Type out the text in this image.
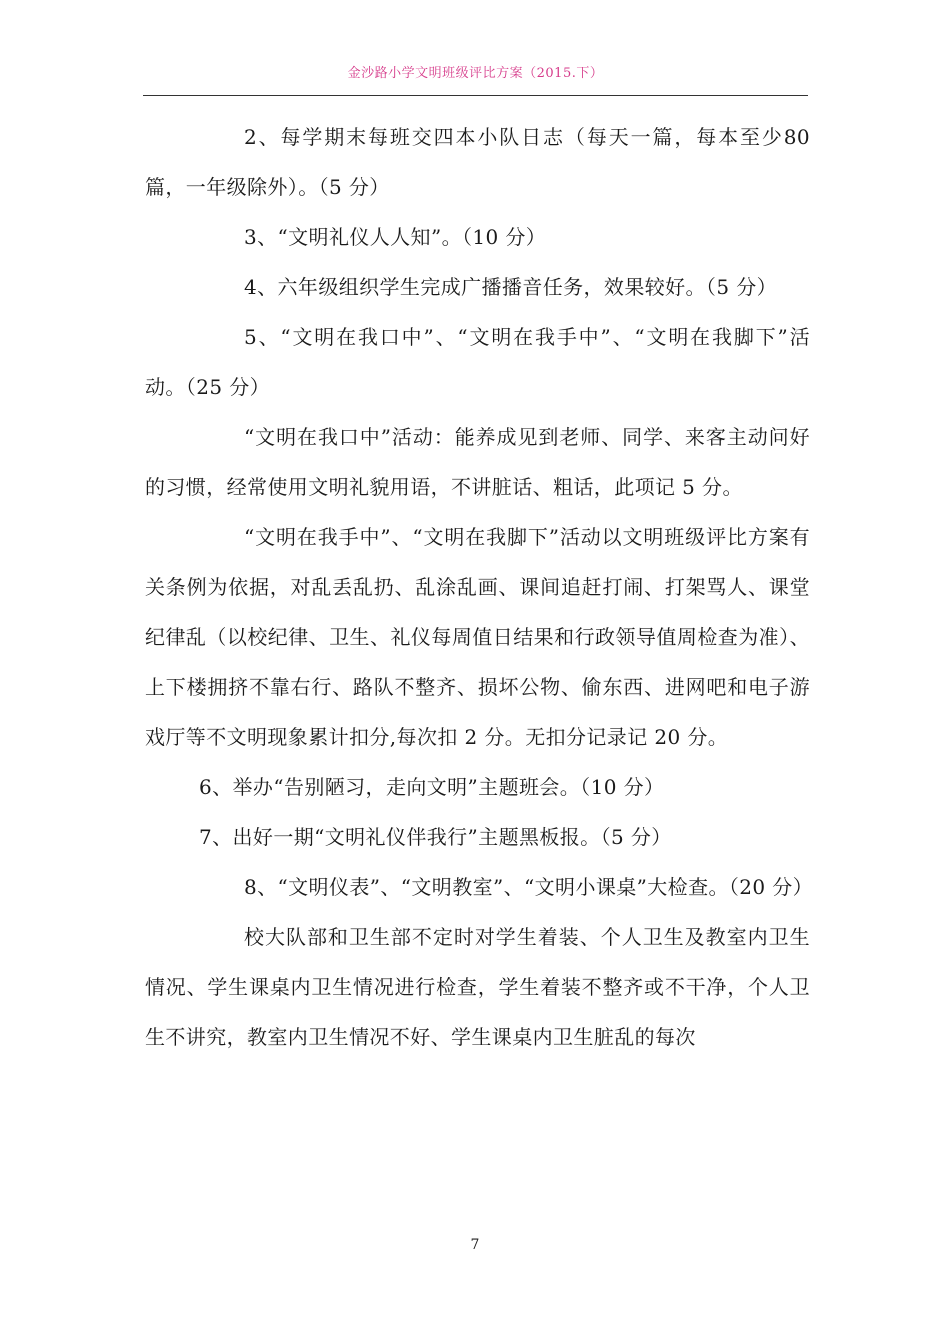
金沙路小学文明班级评比方案（2015.下）

2、每学期末每班交四本小队日志（每天一篇，每本至少80 篇，一年级除外）。（5 分）

3、“文明礼仪人人知”。（10 分）

4、六年级组织学生完成广播播音任务，效果较好。（5 分）

5、“文明在我口中”、“文明在我手中”、“文明在我脚下”活动。（25 分）

“文明在我口中”活动：能养成见到老师、同学、来客主动问好的习惯，经常使用文明礼貌用语，不讲脏话、粗话，此项记 5 分。

“文明在我手中”、“文明在我脚下”活动以文明班级评比方案有关条例为依据，对乱丢乱扔、乱涂乱画、课间追赶打闹、打架骂人、课堂纪律乱（以校纪律、卫生、礼仪每周值日结果和行政领导值周检查为准）、上下楼拥挤不靠右行、路队不整齐、损坏公物、偷东西、进网吧和电子游戏厅等不文明现象累计扣分,每次扣 2 分。无扣分记录记 20 分。

6、举办“告别陋习，走向文明”主题班会。（10 分）

7、出好一期“文明礼仪伴我行”主题黑板报。（5 分）

8、“文明仪表”、“文明教室”、“文明小课桌”大检查。（20 分）

校大队部和卫生部不定时对学生着装、个人卫生及教室内卫生情况、学生课桌内卫生情况进行检查，学生着装不整齐或不干净，个人卫生不讲究，教室内卫生情况不好、学生课桌内卫生脏乱的每次

7
